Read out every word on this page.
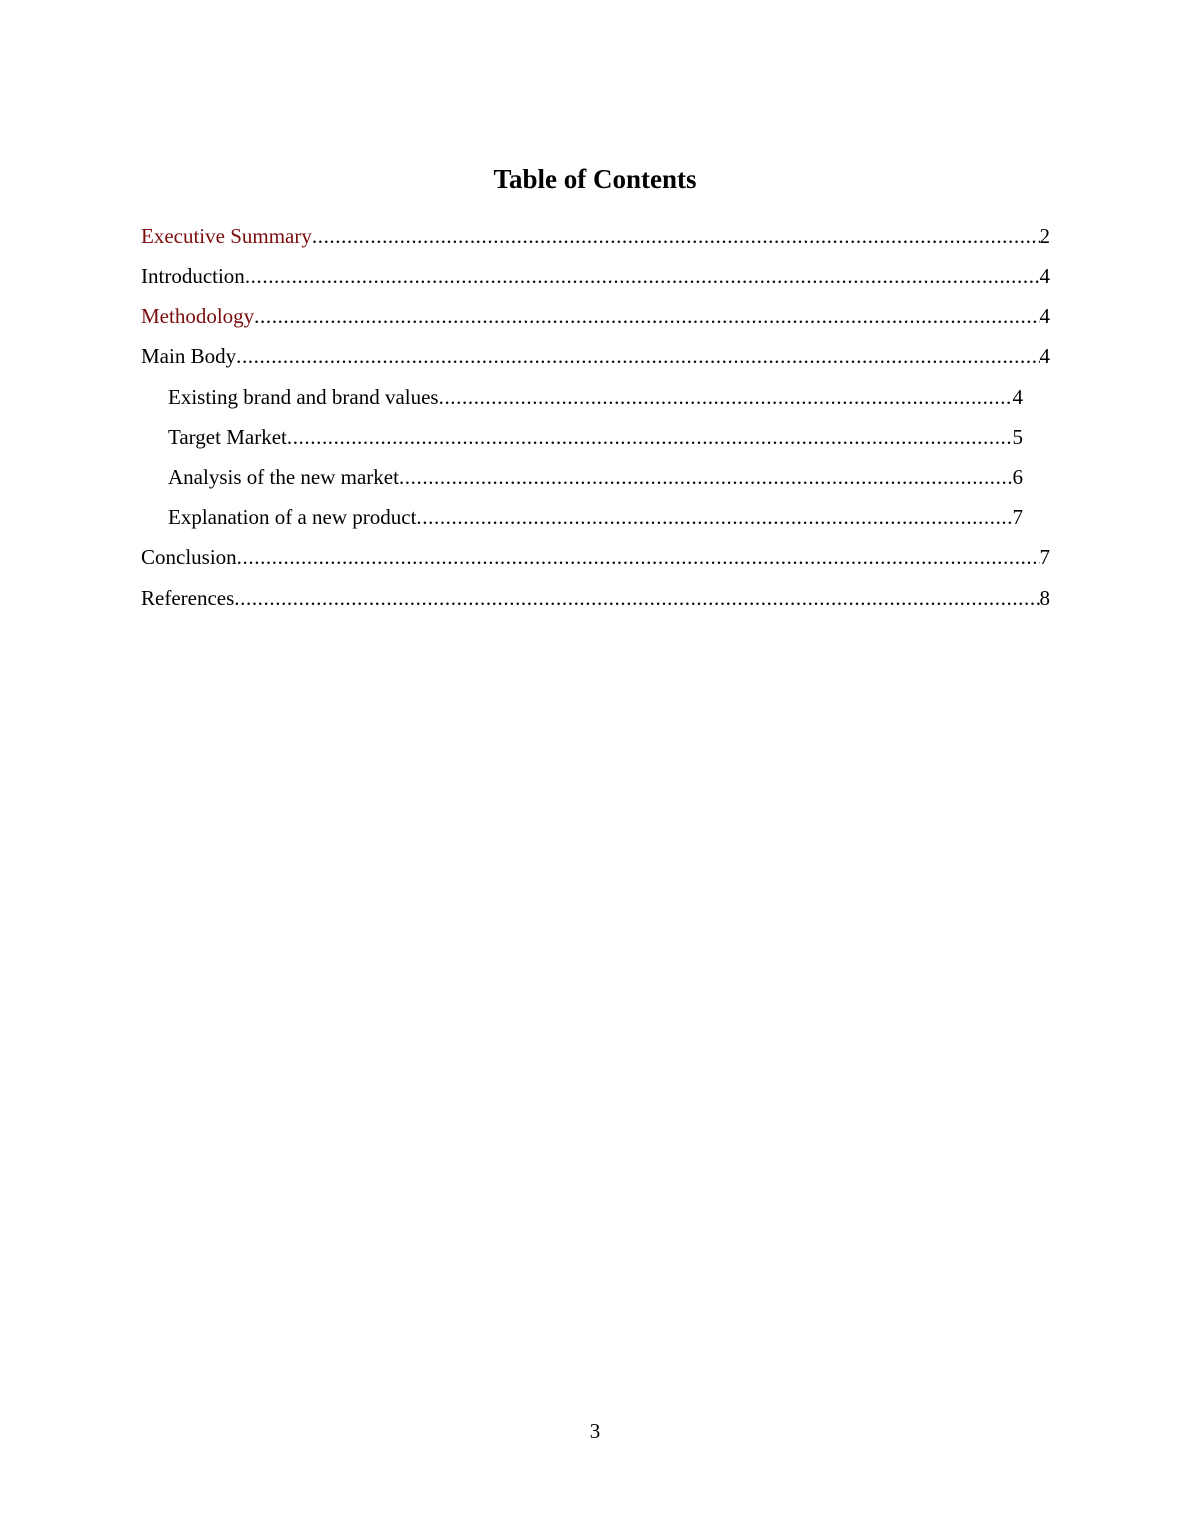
Table of Contents
Executive Summary .....	2
Introduction .....	4
Methodology .....	4
Main Body .....	4
Existing brand and brand values .....	4
Target Market .....	5
Analysis of the new market .....	6
Explanation of a new product .....	7
Conclusion .....	7
References .....	8
3
